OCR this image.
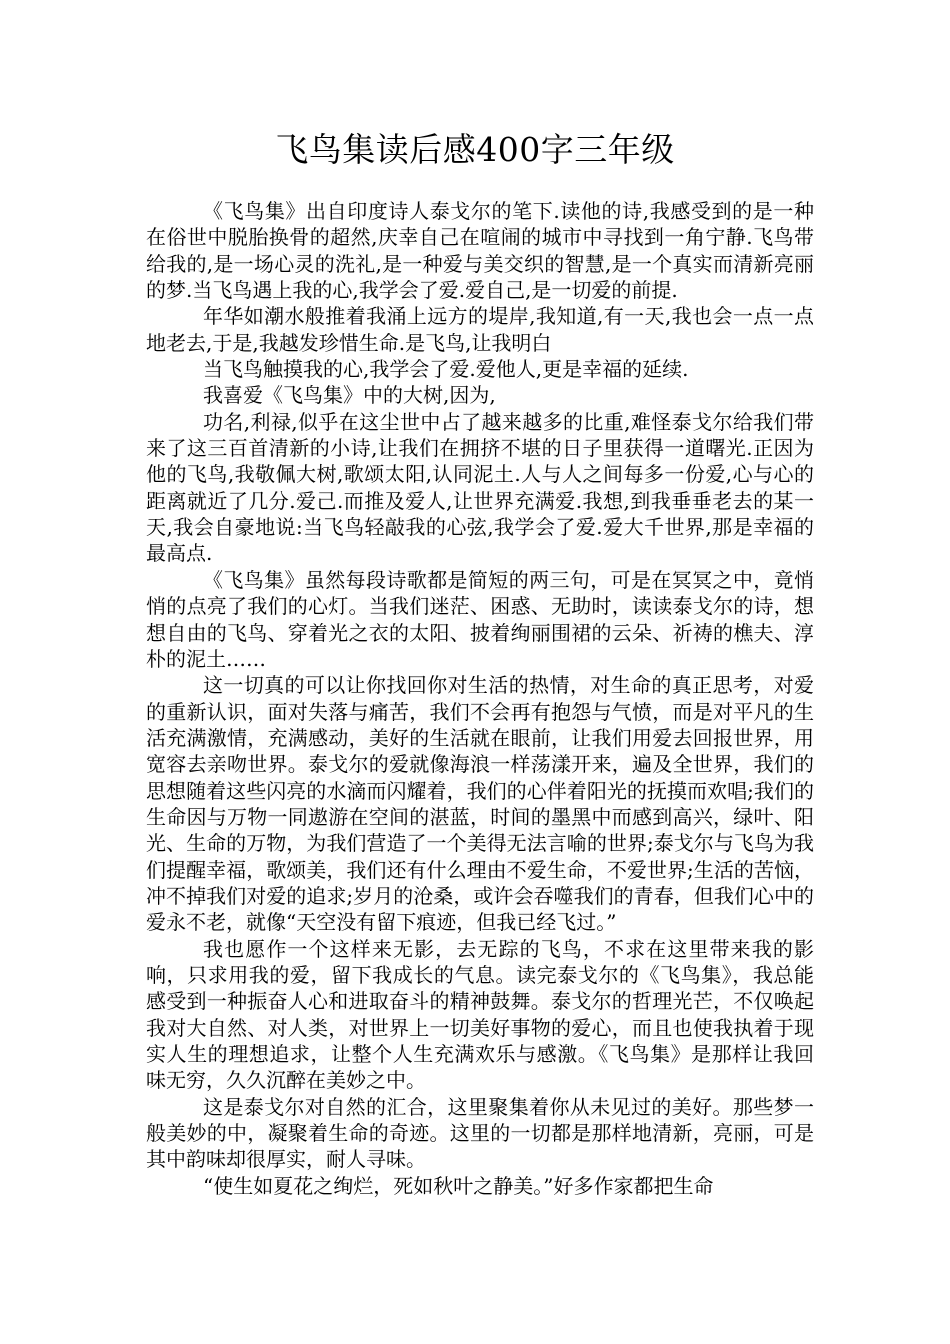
飞鸟集读后感400字三年级

《飞鸟集》出自印度诗人泰戈尔的笔下.读他的诗,我感受到的是一种在俗世中脱胎换骨的超然,庆幸自己在喧闹的城市中寻找到一角宁静.飞鸟带给我的,是一场心灵的洗礼,是一种爱与美交织的智慧,是一个真实而清新亮丽的梦.当飞鸟遇上我的心,我学会了爱.爱自己,是一切爱的前提.

年华如潮水般推着我涌上远方的堤岸,我知道,有一天,我也会一点一点地老去,于是,我越发珍惜生命.是飞鸟,让我明白

当飞鸟触摸我的心,我学会了爱.爱他人,更是幸福的延续.

我喜爱《飞鸟集》中的大树,因为,

功名,利禄,似乎在这尘世中占了越来越多的比重,难怪泰戈尔给我们带来了这三百首清新的小诗,让我们在拥挤不堪的日子里获得一道曙光.正因为他的飞鸟,我敬佩大树,歌颂太阳,认同泥土.人与人之间每多一份爱,心与心的距离就近了几分.爱己.而推及爱人,让世界充满爱.我想,到我垂垂老去的某一天,我会自豪地说:当飞鸟轻敲我的心弦,我学会了爱.爱大千世界,那是幸福的最高点.

《飞鸟集》虽然每段诗歌都是简短的两三句，可是在冥冥之中，竟悄悄的点亮了我们的心灯。当我们迷茫、困惑、无助时，读读泰戈尔的诗，想想自由的飞鸟、穿着光之衣的太阳、披着绚丽围裙的云朵、祈祷的樵夫、淳朴的泥土……

这一切真的可以让你找回你对生活的热情，对生命的真正思考，对爱的重新认识，面对失落与痛苦，我们不会再有抱怨与气愤，而是对平凡的生活充满激情，充满感动，美好的生活就在眼前，让我们用爱去回报世界，用宽容去亲吻世界。泰戈尔的爱就像海浪一样荡漾开来，遍及全世界，我们的思想随着这些闪亮的水滴而闪耀着，我们的心伴着阳光的抚摸而欢唱;我们的生命因与万物一同遨游在空间的湛蓝，时间的墨黑中而感到高兴，绿叶、阳光、生命的万物，为我们营造了一个美得无法言喻的世界;泰戈尔与飞鸟为我们提醒幸福，歌颂美，我们还有什么理由不爱生命，不爱世界;生活的苦恼，冲不掉我们对爱的追求;岁月的沧桑，或许会吞噬我们的青春，但我们心中的爱永不老，就像“天空没有留下痕迹，但我已经飞过。”

我也愿作一个这样来无影，去无踪的飞鸟，不求在这里带来我的影响，只求用我的爱，留下我成长的气息。读完泰戈尔的《飞鸟集》，我总能感受到一种振奋人心和进取奋斗的精神鼓舞。泰戈尔的哲理光芒，不仅唤起我对大自然、对人类，对世界上一切美好事物的爱心，而且也使我执着于现实人生的理想追求，让整个人生充满欢乐与感激。《飞鸟集》是那样让我回味无穷，久久沉醉在美妙之中。

这是泰戈尔对自然的汇合，这里聚集着你从未见过的美好。那些梦一般美妙的中，凝聚着生命的奇迹。这里的一切都是那样地清新，亮丽，可是其中韵味却很厚实，耐人寻味。

“使生如夏花之绚烂，死如秋叶之静美。”好多作家都把生命
